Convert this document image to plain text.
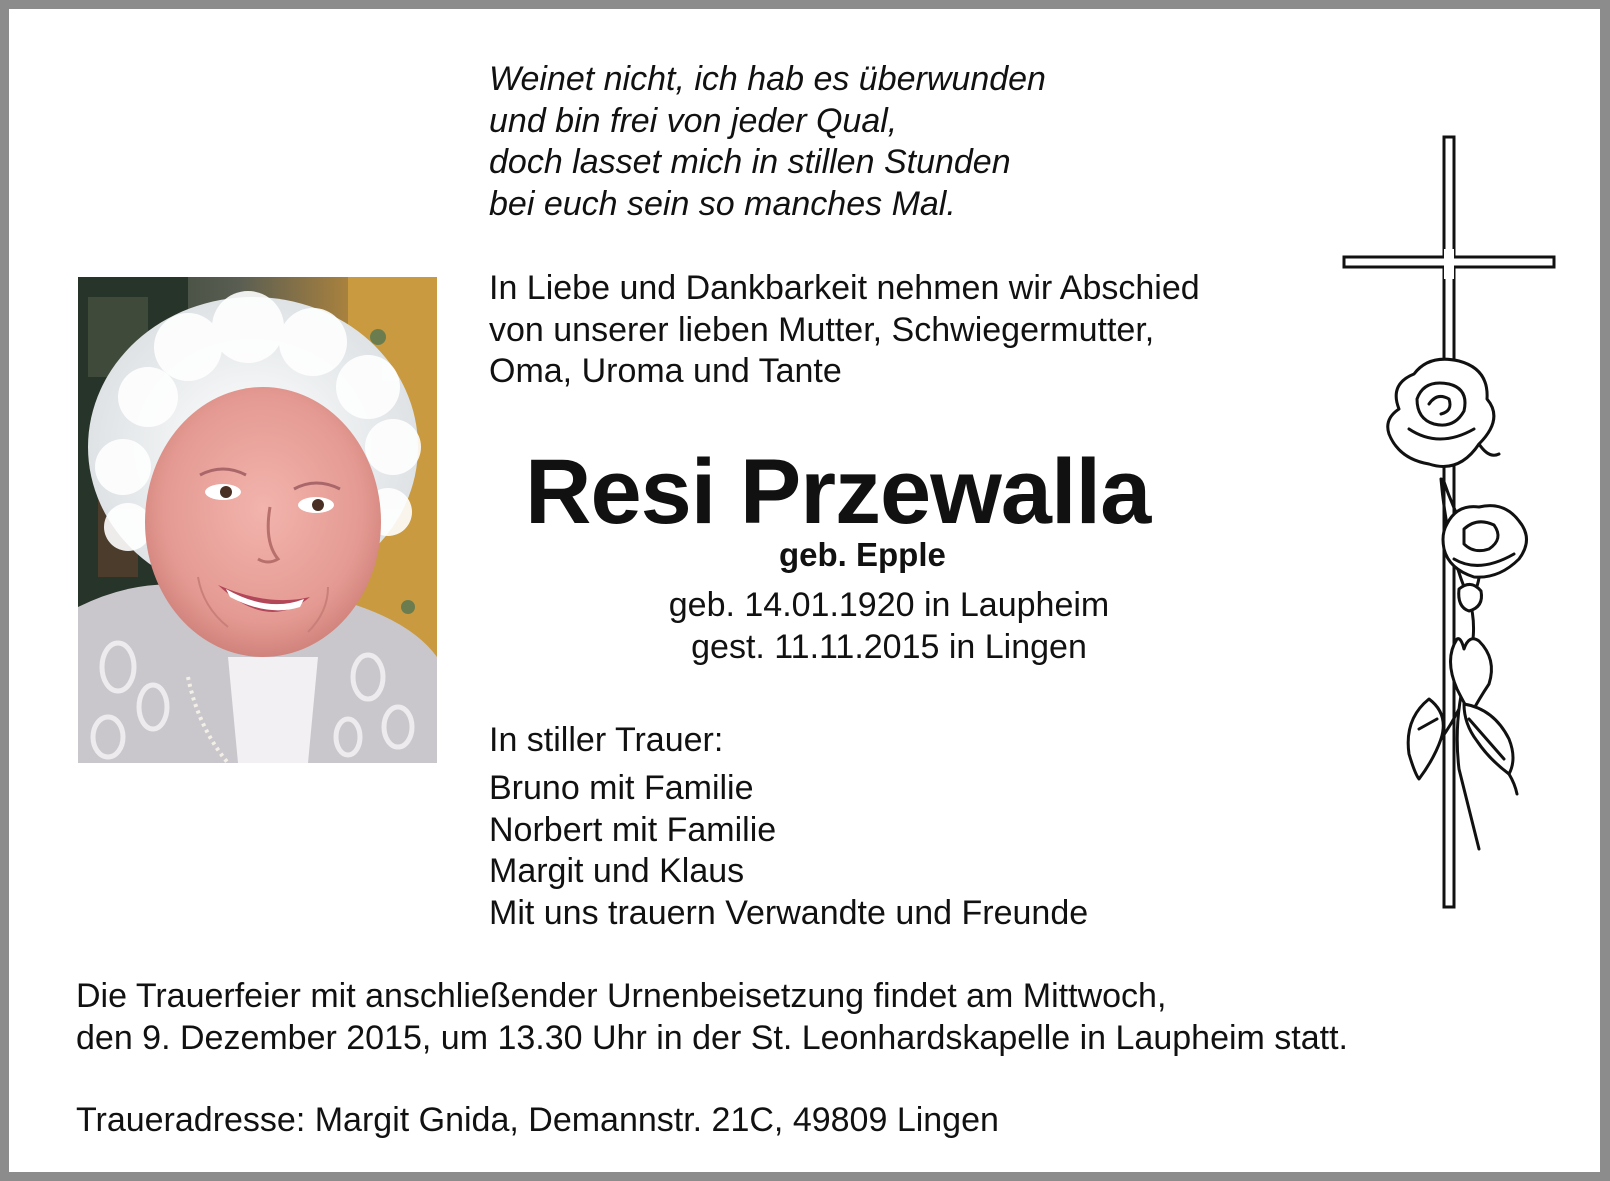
Weinet nicht, ich hab es überwunden
und bin frei von jeder Qual,
doch lasset mich in stillen Stunden
bei euch sein so manches Mal.
In Liebe und Dankbarkeit nehmen wir Abschied
von unserer lieben Mutter, Schwiegermutter,
Oma, Uroma und Tante
Resi Przewalla
geb. Epple
geb. 14.01.1920 in Laupheim
gest. 11.11.2015 in Lingen
In stiller Trauer:
Bruno mit Familie
Norbert mit Familie
Margit und Klaus
Mit uns trauern Verwandte und Freunde
Die Trauerfeier mit anschließender Urnenbeisetzung findet am Mittwoch,
den 9. Dezember 2015, um 13.30 Uhr in der St. Leonhardskapelle in Laupheim statt.
Traueradresse: Margit Gnida, Demannstr. 21C, 49809 Lingen
